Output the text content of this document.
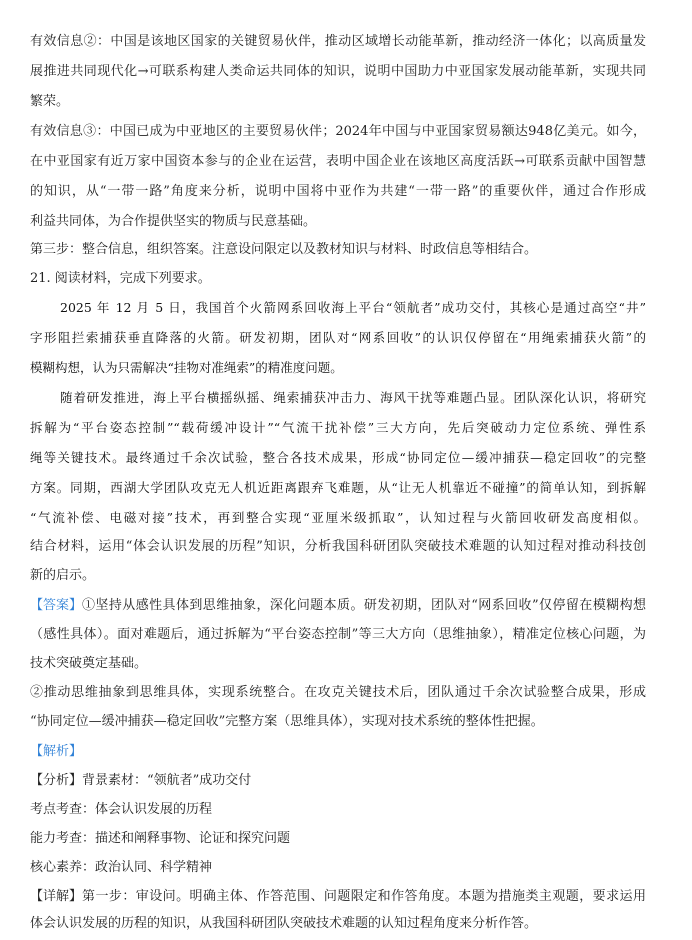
有效信息②：中国是该地区国家的关键贸易伙伴，推动区域增长动能革新，推动经济一体化；以高质量发
展推进共同现代化→可联系构建人类命运共同体的知识，说明中国助力中亚国家发展动能革新，实现共同
繁荣。
有效信息③：中国已成为中亚地区的主要贸易伙伴；2024年中国与中亚国家贸易额达948亿美元。如今，
在中亚国家有近万家中国资本参与的企业在运营，表明中国企业在该地区高度活跃→可联系贡献中国智慧
的知识，从“一带一路”角度来分析，说明中国将中亚作为共建“一带一路”的重要伙伴，通过合作形成
利益共同体，为合作提供坚实的物质与民意基础。
第三步：整合信息，组织答案。注意设问限定以及教材知识与材料、时政信息等相结合。
21. 阅读材料，完成下列要求。
2025 年 12 月 5 日，我国首个火箭网系回收海上平台“领航者”成功交付，其核心是通过高空“井”
字形阻拦索捕获垂直降落的火箭。研发初期，团队对“网系回收”的认识仅停留在“用绳索捕获火箭”的
模糊构想，认为只需解决“挂物对准绳索”的精准度问题。
随着研发推进，海上平台横摇纵摇、绳索捕获冲击力、海风干扰等难题凸显。团队深化认识，将研究
拆解为“平台姿态控制”“载荷缓冲设计”“气流干扰补偿”三大方向，先后突破动力定位系统、弹性系
绳等关键技术。最终通过千余次试验，整合各技术成果，形成“协同定位—缓冲捕获—稳定回收”的完整
方案。同期，西湖大学团队攻克无人机近距离跟弃飞难题，从“让无人机靠近不碰撞”的简单认知，到拆解
“气流补偿、电磁对接”技术，再到整合实现“亚厘米级抓取”，认知过程与火箭回收研发高度相似。
结合材料，运用“体会认识发展的历程”知识，分析我国科研团队突破技术难题的认知过程对推动科技创
新的启示。
【答案】 ①坚持从感性具体到思维抽象，深化问题本质。研发初期，团队对“网系回收”仅停留在模糊构想
（感性具体）。面对难题后，通过拆解为“平台姿态控制”等三大方向（思维抽象），精准定位核心问题，为
技术突破奠定基础。
②推动思维抽象到思维具体，实现系统整合。在攻克关键技术后，团队通过千余次试验整合成果，形成
“协同定位—缓冲捕获—稳定回收”完整方案（思维具体），实现对技术系统的整体性把握。
【解析】
【分析】背景素材：“领航者”成功交付
考点考查：体会认识发展的历程
能力考查：描述和阐释事物、论证和探究问题
核心素养：政治认同、科学精神
【详解】 第一步：审设问。明确主体、作答范围、问题限定和作答角度。本题为措施类主观题，要求运用
体会认识发展的历程的知识，从我国科研团队突破技术难题的认知过程角度来分析作答。
